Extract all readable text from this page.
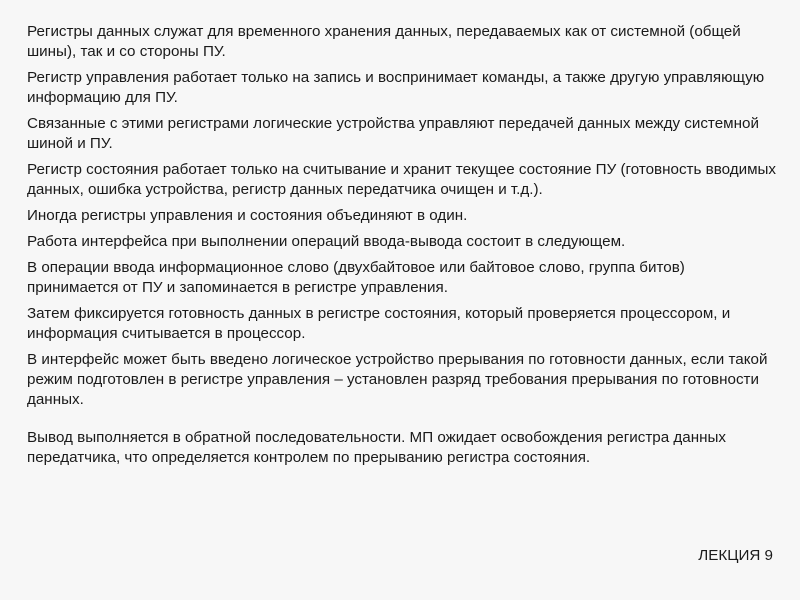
Регистры данных служат для временного хранения данных, передаваемых как от системной (общей шины), так и со стороны ПУ.

Регистр управления работает только на запись и воспринимает команды, а также другую управляющую информацию для ПУ.

Связанные с этими регистрами логические устройства управляют передачей данных между системной шиной и ПУ.

Регистр состояния работает только на считывание и хранит текущее состояние ПУ (готовность вводимых данных, ошибка устройства, регистр данных передатчика очищен и т.д.).

Иногда регистры управления и состояния объединяют в один.

Работа интерфейса при выполнении операций ввода-вывода состоит в следующем.

В операции ввода информационное слово (двухбайтовое или байтовое слово, группа битов) принимается от ПУ и запоминается в регистре управления.

Затем фиксируется готовность данных в регистре состояния, который проверяется процессором, и информация считывается в процессор.

В интерфейс может быть введено логическое устройство прерывания по готовности данных, если такой режим подготовлен в регистре управления – установлен разряд требования прерывания по готовности данных.

Вывод выполняется в обратной последовательности. МП ожидает освобождения регистра данных передатчика, что определяется контролем по прерыванию регистра состояния.

ЛЕКЦИЯ 9
